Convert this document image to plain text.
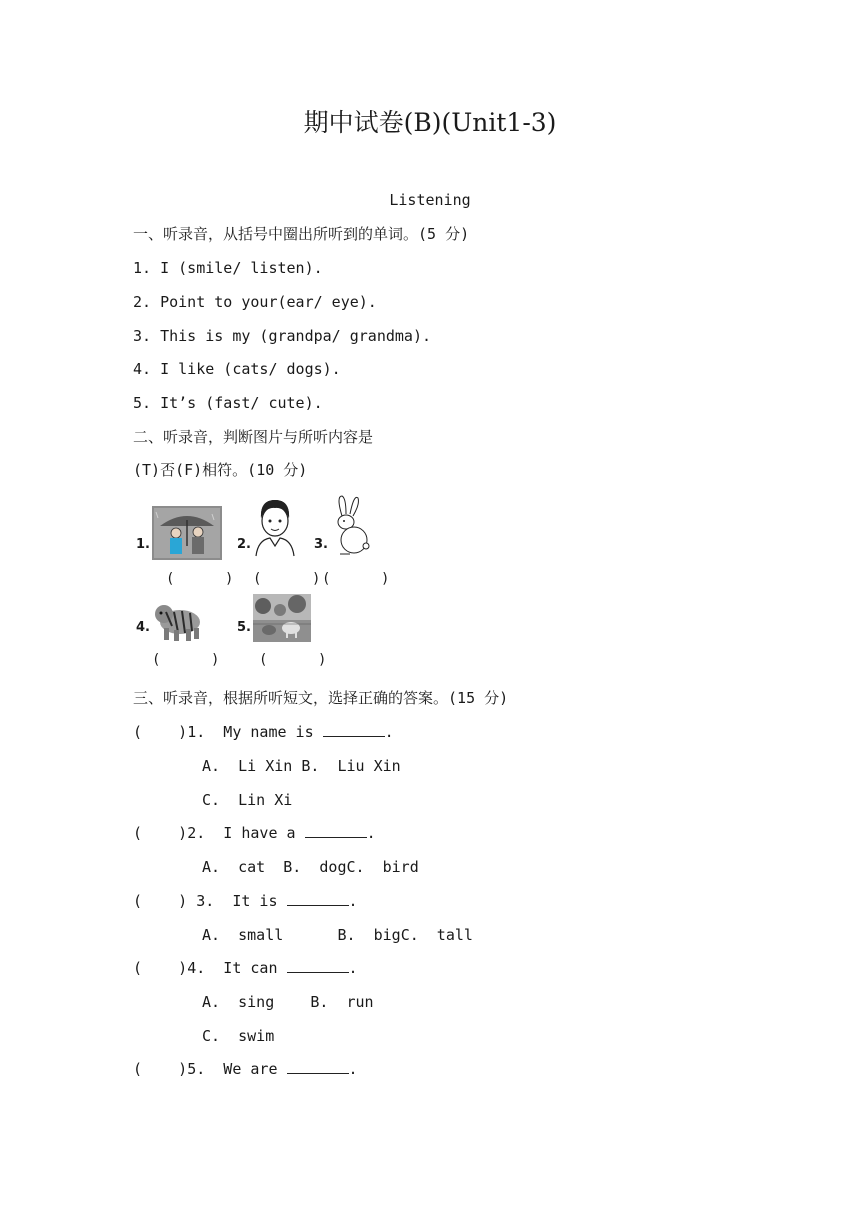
期中试卷(B)(Unit1-3)
Listening
一、听录音，从括号中圈出所听到的单词。(5 分)
1. I (smile/ listen).
2. Point to your(ear/ eye).
3. This is my (grandpa/ grandma).
4. I like (cats/ dogs).
5. It’s (fast/ cute).
二、听录音，判断图片与所听内容是
(T)否(F)相符。(10 分)
1.	2.	3.
(      ) (      ) (      )
4.	5.
(      )	(      )
三、听录音，根据所听短文，选择正确的答案。(15 分)
(    )1.  My name is	.
A.  Li Xin B.  Liu Xin
C.  Lin Xi
(    )2.  I have a	.
A.  cat B.  dogC.  bird
(    ) 3.  It is	.
A.  small	B.  bigC.  tall
(    )4.  It can	.
A.  sing B.  run
C.  swim
(    )5.  We are	.
